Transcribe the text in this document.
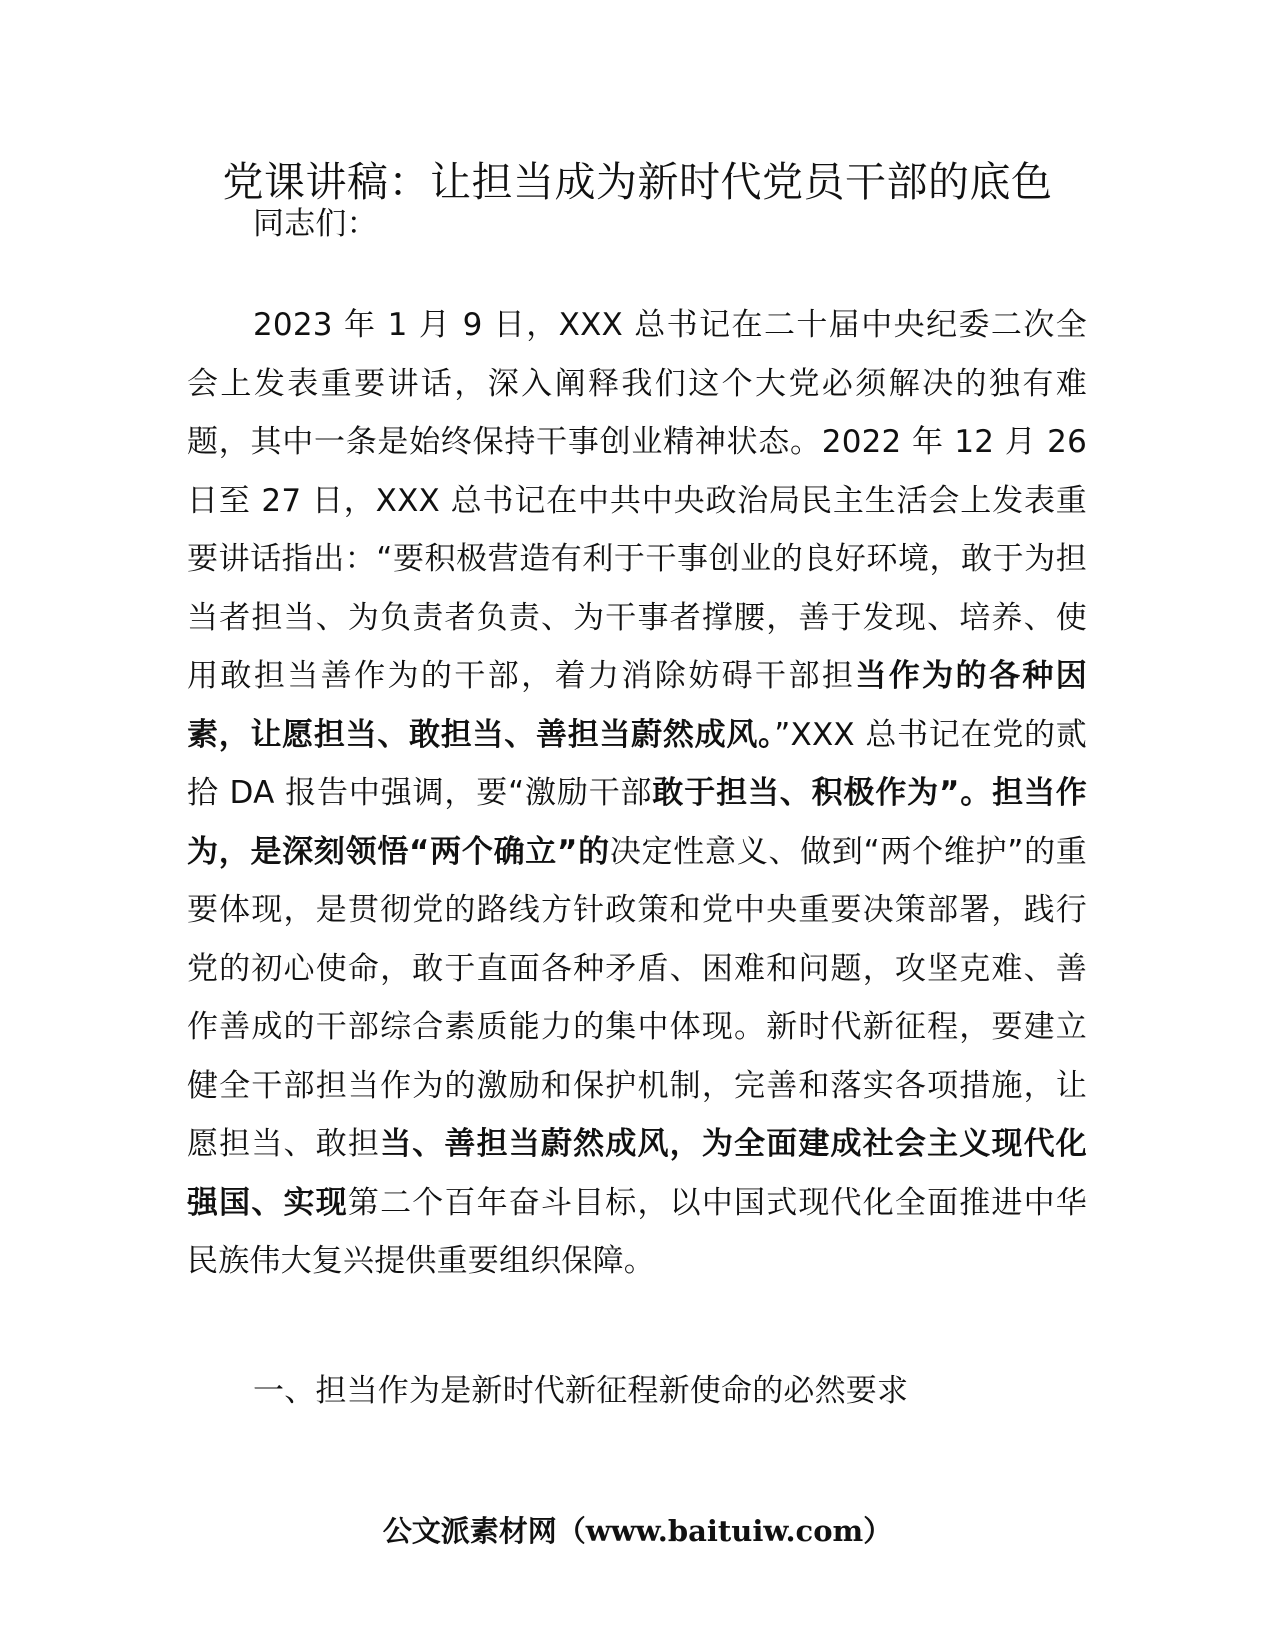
党课讲稿：让担当成为新时代党员干部的底色

同志们：

2023 年 1 月 9 日，XXX 总书记在二十届中央纪委二次全会上发表重要讲话，深入阐释我们这个大党必须解决的独有难题，其中一条是始终保持干事创业精神状态。2022 年 12 月 26 日至 27 日，XXX 总书记在中共中央政治局民主生活会上发表重要讲话指出：“要积极营造有利于干事创业的良好环境，敢于为担当者担当、为负责者负责、为干事者撑腰，善于发现、培养、使用敢担当善作为的干部，着力消除妨碍干部担当作为的各种因素，让愿担当、敢担当、善担当蔚然成风。”XXX 总书记在党的贰拾 DA 报告中强调，要“激励干部敢于担当、积极作为”。担当作为，是深刻领悟“两个确立”的决定性意义、做到“两个维护”的重要体现，是贯彻党的路线方针政策和党中央重要决策部署，践行党的初心使命，敢于直面各种矛盾、困难和问题，攻坚克难、善作善成的干部综合素质能力的集中体现。新时代新征程，要建立健全干部担当作为的激励和保护机制，完善和落实各项措施，让愿担当、敢担当、善担当蔚然成风，为全面建成社会主义现代化强国、实现第二个百年奋斗目标，以中国式现代化全面推进中华民族伟大复兴提供重要组织保障。

一、担当作为是新时代新征程新使命的必然要求

公文派素材网（www.baituiw.com）
